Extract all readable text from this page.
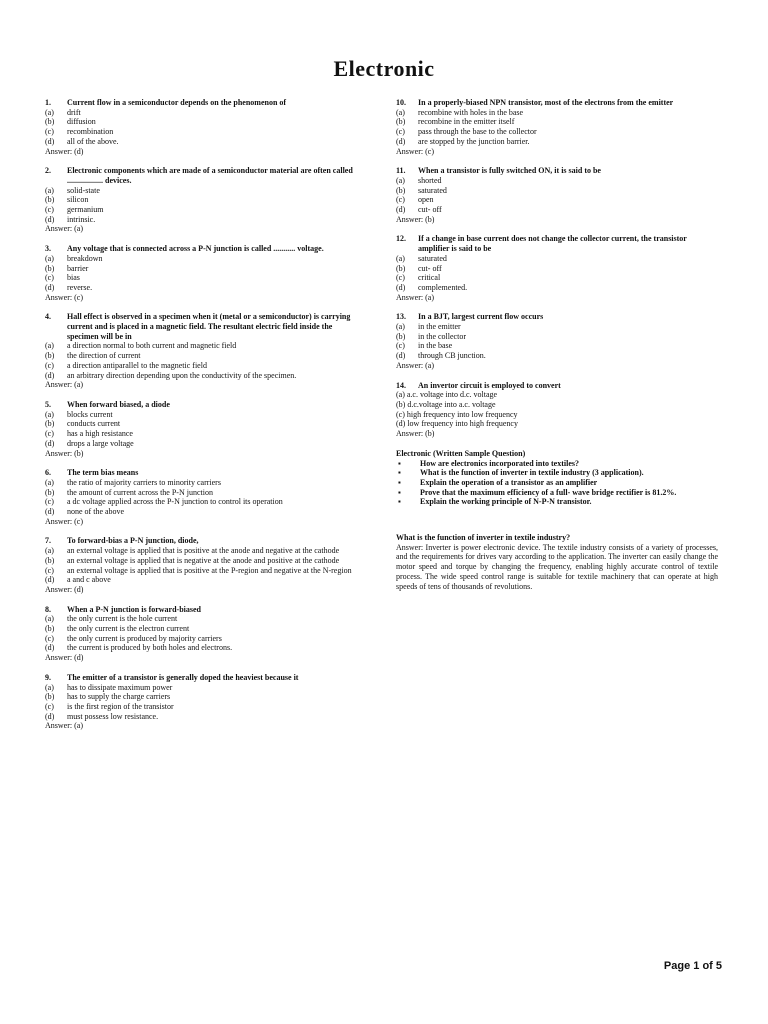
Electronic
1.	Current flow in a semiconductor depends on the phenomenon of
(a)	drift
(b)	diffusion
(c)	recombination
(d)	all of the above.
Answer: (d)
2.	Electronic components which are made of a semiconductor material are often called .................. devices.
(a)	solid-state
(b)	silicon
(c)	germanium
(d)	intrinsic.
Answer: (a)
3.	Any voltage that is connected across a P-N junction is called ........... voltage.
(a)	breakdown
(b)	barrier
(c)	bias
(d)	reverse.
Answer: (c)
4.	Hall effect is observed in a specimen when it (metal or a semiconductor) is carrying current and is placed in a magnetic field. The resultant electric field inside the specimen will be in
(a)	a direction normal to both current and magnetic field
(b)	the direction of current
(c)	a direction antiparallel to the magnetic field
(d)	an arbitrary direction depending upon the conductivity of the specimen.
Answer: (a)
5.	When forward biased, a diode
(a)	blocks current
(b)	conducts current
(c)	has a high resistance
(d)	drops a large voltage
Answer: (b)
6.	The term bias means
(a)	the ratio of majority carriers to minority carriers
(b)	the amount of current across the P-N junction
(c)	a dc voltage applied across the P-N junction to control its operation
(d)	none of the above
Answer: (c)
7.	To forward-bias a P-N junction, diode,
(a)	an external voltage is applied that is positive at the anode and negative at the cathode
(b)	an external voltage is applied that is negative at the anode and positive at the cathode
(c)	an external voltage is applied that is positive at the P-region and negative at the N-region
(d)	a and c above
Answer: (d)
8.	When a P-N junction is forward-biased
(a)	the only current is the hole current
(b)	the only current is the electron current
(c)	the only current is produced by majority carriers
(d)	the current is produced by both holes and electrons.
Answer: (d)
9.	The emitter of a transistor is generally doped the heaviest because it
(a)	has to dissipate maximum power
(b)	has to supply the charge carriers
(c)	is the first region of the transistor
(d)	must possess low resistance.
Answer: (a)
10.	In a properly-biased NPN transistor, most of the electrons from the emitter
(a)	recombine with holes in the base
(b)	recombine in the emitter itself
(c)	pass through the base to the collector
(d)	are stopped by the junction barrier.
Answer: (c)
11.	When a transistor is fully switched ON, it is said to be
(a)	shorted
(b)	saturated
(c)	open
(d)	cut- off
Answer: (b)
12.	If a change in base current does not change the collector current, the transistor amplifier is said to be
(a)	saturated
(b)	cut- off
(c)	critical
(d)	complemented.
Answer: (a)
13.	In a BJT, largest current flow occurs
(a)	in the emitter
(b)	in the collector
(c)	in the base
(d)	through CB junction.
Answer: (a)
14.	An invertor circuit is employed to convert
(a) a.c. voltage into d.c. voltage
(b) d.c.voltage into a.c. voltage
(c) high frequency into low frequency
(d) low frequency into high frequency
Answer: (b)
Electronic (Written Sample Question)
▪	How are electronics incorporated into textiles?
▪	What is the function of inverter in textile industry (3 application).
▪	Explain the operation of a transistor as an amplifier
▪	Prove that the maximum efficiency of a full- wave bridge rectifier is 81.2%.
▪	Explain the working principle of N-P-N transistor.
What is the function of inverter in textile industry?
Answer: Inverter is power electronic device. The textile industry consists of a variety of processes, and the requirements for drives vary according to the application. The inverter can easily change the motor speed and torque by changing the frequency, enabling highly accurate control of textile process. The wide speed control range is suitable for textile machinery that can operate at high speeds of tens of thousands of revolutions.
Page 1 of 5
